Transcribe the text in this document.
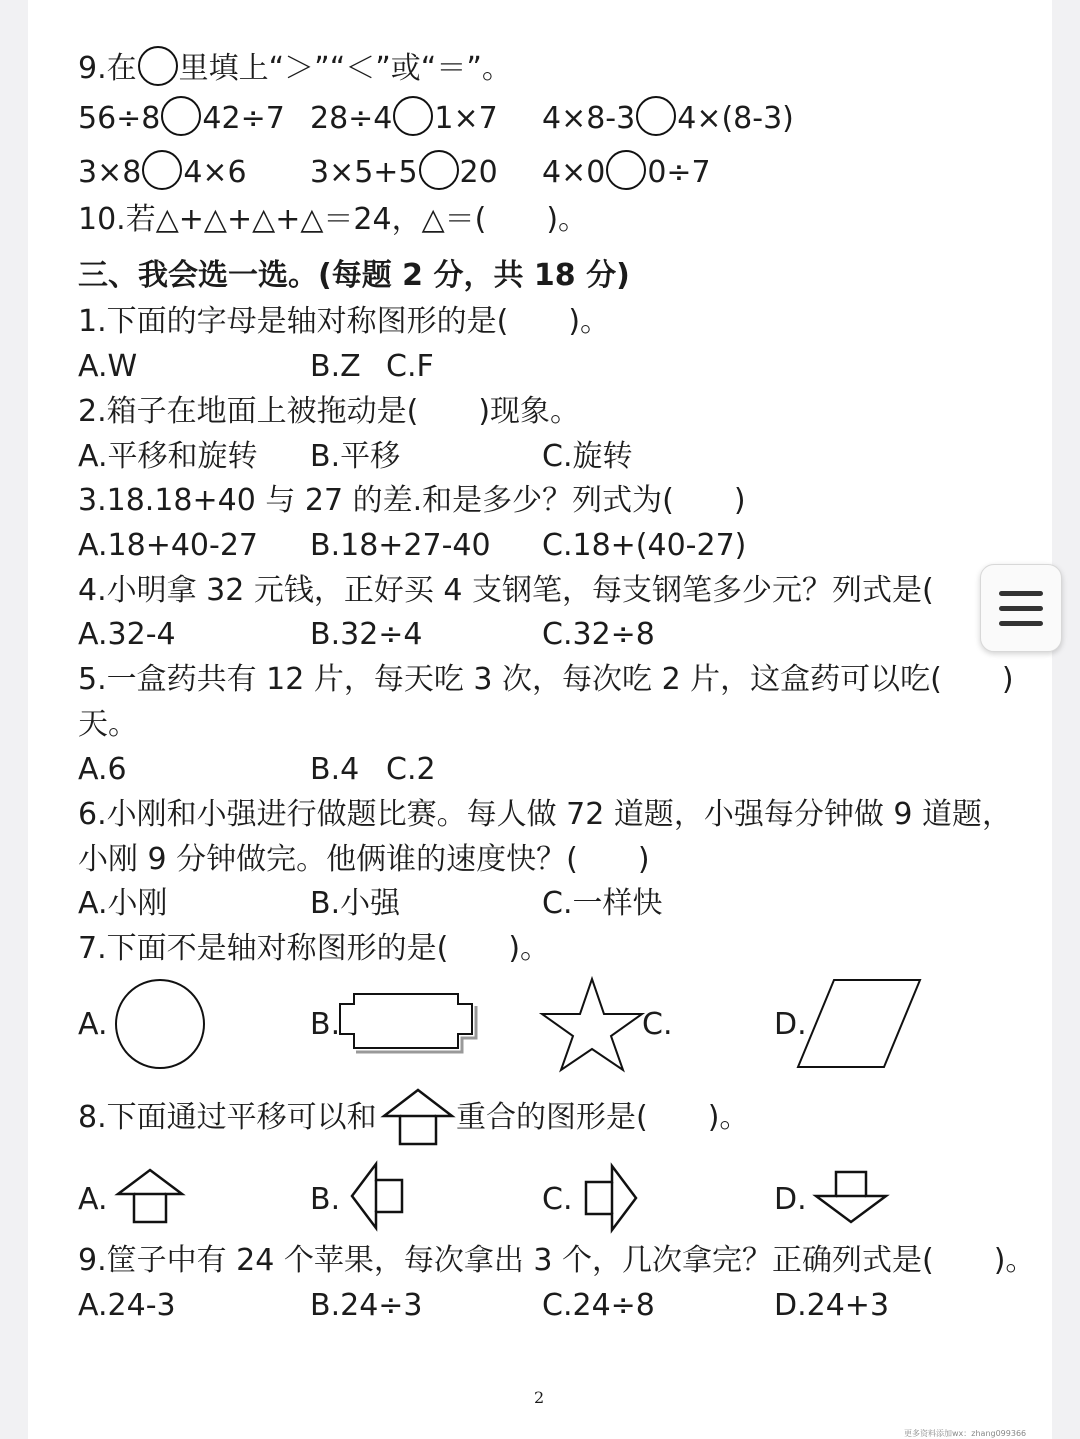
9.在 里填上“＞”“＜”或“＝”。
56÷8 42÷7 28÷4 1×7 4×8-3 4×(8-3)
3×8 4×6 3×5+5 20 4×0 0÷7
10.若△+△+△+△＝24，△＝(　　)。
三、我会选一选。(每题 2 分，共 18 分)
1.下面的字母是轴对称图形的是(　　)。
A.W	B.Z C.F
2.箱子在地面上被拖动是(　　)现象。
A.平移和旋转 B.平移	C.旋转
3.18.18+40 与 27 的差.和是多少？列式为(　　)
A.18+40-27 B.18+27-40 C.18+(40-27)
4.小明拿 32 元钱，正好买 4 支钢笔，每支钢笔多少元？列式是(
A.32-4	B.32÷4	C.32÷8
5.一盒药共有 12 片，每天吃 3 次，每次吃 2 片，这盒药可以吃(　　)
天。
A.6	B.4 C.2
6.小刚和小强进行做题比赛。每人做 72 道题，小强每分钟做 9 道题，
小刚 9 分钟做完。他俩谁的速度快？(　　)
A.小刚	B.小强	C.一样快
7.下面不是轴对称图形的是(　　)。
A.	B.	C.	D.
8.下面通过平移可以和	重合的图形是(　　)。
A.	B.	C.	D.
9.筐子中有 24 个苹果，每次拿出 3 个，几次拿完？正确列式是(　　)。
A.24-3	B.24÷3	C.24÷8	D.24+3
2
更多资料添加wx：zhang099366
